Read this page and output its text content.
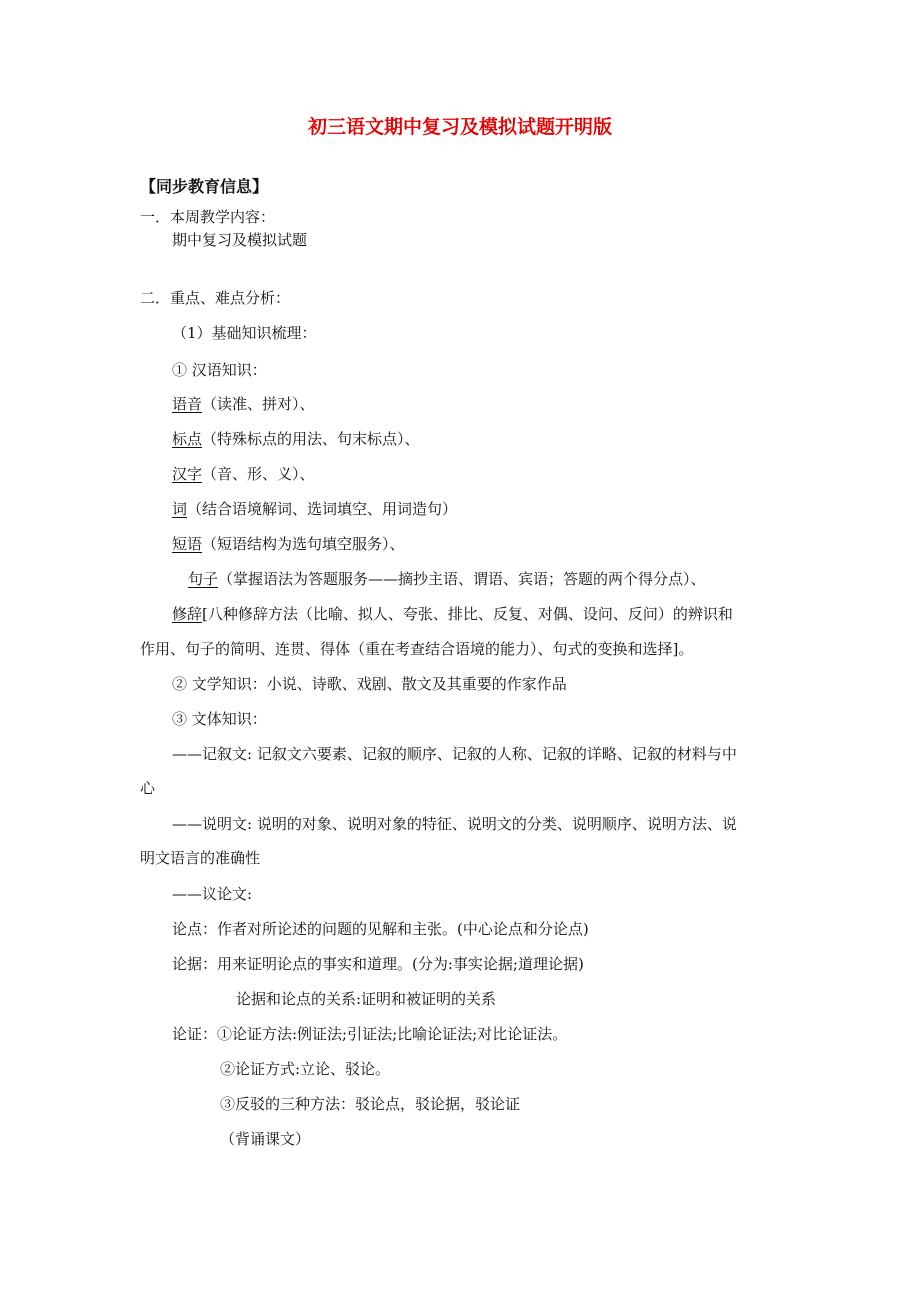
初三语文期中复习及模拟试题开明版
【同步教育信息】
一．本周教学内容：
期中复习及模拟试题
二．重点、难点分析：
（1）基础知识梳理：
① 汉语知识：
语音（读准、拼对）、
标点（特殊标点的用法、句末标点）、
汉字（音、形、义）、
词（结合语境解词、选词填空、用词造句）
短语（短语结构为选句填空服务）、
句子（掌握语法为答题服务——摘抄主语、谓语、宾语；答题的两个得分点）、
修辞[八种修辞方法（比喻、拟人、夸张、排比、反复、对偶、设问、反问）的辨识和
作用、句子的简明、连贯、得体（重在考查结合语境的能力）、句式的变换和选择]。
② 文学知识：小说、诗歌、戏剧、散文及其重要的作家作品
③ 文体知识：
——记叙文: 记叙文六要素、记叙的顺序、记叙的人称、记叙的详略、记叙的材料与中
心
——说明文: 说明的对象、说明对象的特征、说明文的分类、说明顺序、说明方法、说
明文语言的准确性
——议论文:
论点：作者对所论述的问题的见解和主张。(中心论点和分论点)
论据：用来证明论点的事实和道理。(分为:事实论据;道理论据)
论据和论点的关系:证明和被证明的关系
论证：①论证方法:例证法;引证法;比喻论证法;对比论证法。
②论证方式:立论、驳论。
③反驳的三种方法：驳论点，驳论据，驳论证
（背诵课文）
